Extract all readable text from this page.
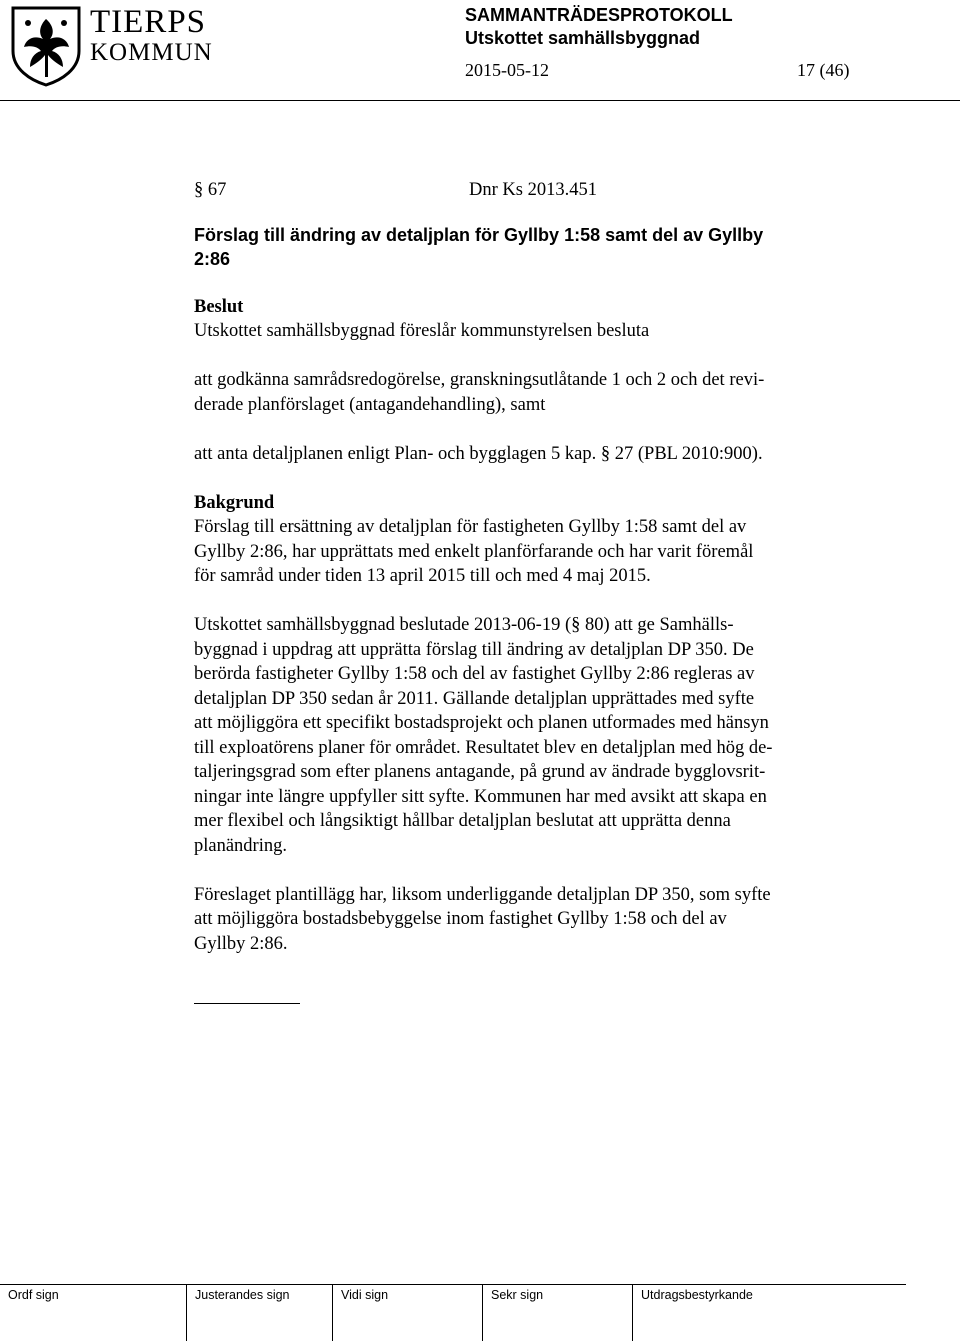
TIERPS
KOMMUN
SAMMANTRÄDESPROTOKOLL
Utskottet samhällsbyggnad
2015-05-12	17 (46)
§ 67	Dnr Ks 2013.451

Förslag till ändring av detaljplan för Gyllby 1:58 samt del av Gyllby

2:86

Beslut

Utskottet samhällsbyggnad föreslår kommunstyrelsen besluta

att godkänna samrådsredogörelse, granskningsutlåtande 1 och 2 och det revi-

derade planförslaget (antagandehandling), samt

att anta detaljplanen enligt Plan- och bygglagen 5 kap. § 27 (PBL 2010:900).

Bakgrund

Förslag till ersättning av detaljplan för fastigheten Gyllby 1:58 samt del av

Gyllby 2:86, har upprättats med enkelt planförfarande och har varit föremål

för samråd under tiden 13 april 2015 till och med 4 maj 2015.

Utskottet samhällsbyggnad beslutade 2013-06-19 (§ 80) att ge Samhälls-

byggnad i uppdrag att upprätta förslag till ändring av detaljplan DP 350. De

berörda fastigheter Gyllby 1:58 och del av fastighet Gyllby 2:86 regleras av

detaljplan DP 350 sedan år 2011. Gällande detaljplan upprättades med syfte

att möjliggöra ett specifikt bostadsprojekt och planen utformades med hänsyn

till exploatörens planer för området. Resultatet blev en detaljplan med hög de-

taljeringsgrad som efter planens antagande, på grund av ändrade bygglovsrit-

ningar inte längre uppfyller sitt syfte. Kommunen har med avsikt att skapa en

mer flexibel och långsiktigt hållbar detaljplan beslutat att upprätta denna

planändring.

Föreslaget plantillägg har, liksom underliggande detaljplan DP 350, som syfte

att möjliggöra bostadsbebyggelse inom fastighet Gyllby 1:58 och del av

Gyllby 2:86.

Ordf sign	Justerandes sign	Vidi sign	Sekr sign	Utdragsbestyrkande
